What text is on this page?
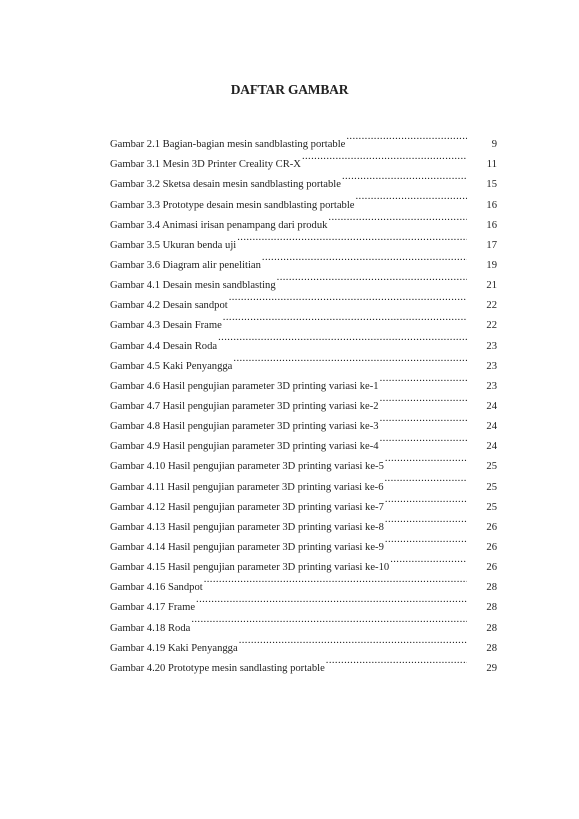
DAFTAR GAMBAR
Gambar 2.1 Bagian-bagian mesin sandblasting portable .....	9
Gambar 3.1 Mesin 3D Printer Creality CR-X .....	11
Gambar 3.2 Sketsa desain mesin sandblasting portable .....	15
Gambar 3.3 Prototype desain mesin sandblasting portable .....	16
Gambar 3.4 Animasi irisan penampang dari produk .....	16
Gambar 3.5 Ukuran benda uji .....	17
Gambar 3.6 Diagram alir penelitian .....	19
Gambar 4.1 Desain mesin sandblasting .....	21
Gambar 4.2 Desain sandpot .....	22
Gambar 4.3 Desain Frame .....	22
Gambar 4.4 Desain Roda .....	23
Gambar 4.5 Kaki Penyangga .....	23
Gambar 4.6 Hasil pengujian parameter 3D printing variasi ke-1 .....	23
Gambar 4.7 Hasil pengujian parameter 3D printing variasi ke-2 .....	24
Gambar 4.8 Hasil pengujian parameter 3D printing variasi ke-3 .....	24
Gambar 4.9 Hasil pengujian parameter 3D printing variasi ke-4 .....	24
Gambar 4.10 Hasil pengujian parameter 3D printing variasi ke-5 .....	25
Gambar 4.11 Hasil pengujian parameter 3D printing variasi ke-6 .....	25
Gambar 4.12 Hasil pengujian parameter 3D printing variasi ke-7 .....	25
Gambar 4.13 Hasil pengujian parameter 3D printing variasi ke-8 .....	26
Gambar 4.14 Hasil pengujian parameter 3D printing variasi ke-9 .....	26
Gambar 4.15 Hasil pengujian parameter 3D printing variasi ke-10 .....	26
Gambar 4.16 Sandpot .....	28
Gambar 4.17 Frame .....	28
Gambar 4.18 Roda .....	28
Gambar 4.19 Kaki Penyangga .....	28
Gambar 4.20 Prototype mesin sandlasting portable .....	29
